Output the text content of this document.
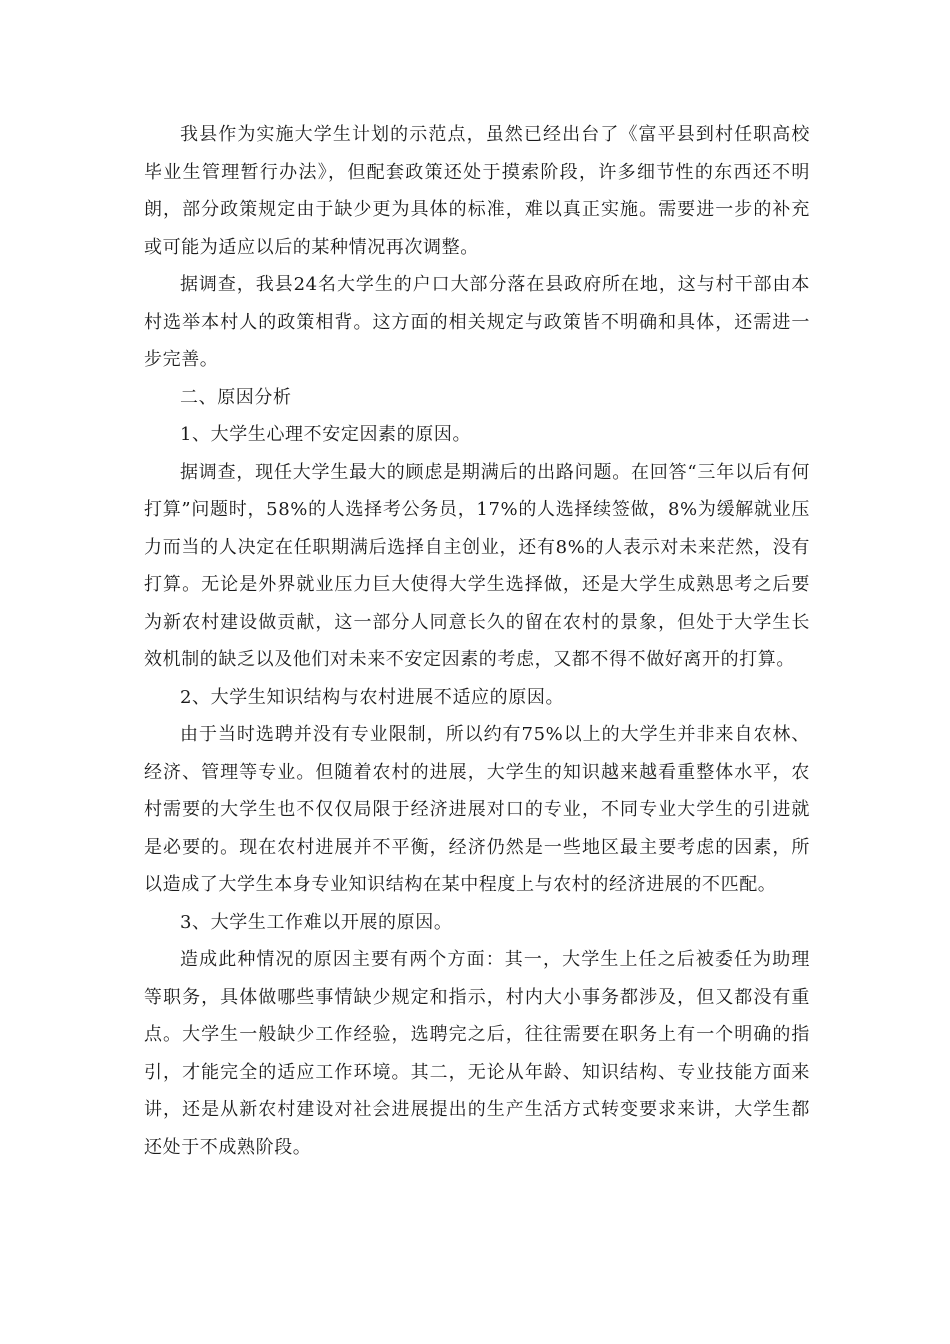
我县作为实施大学生计划的示范点，虽然已经出台了《富平县到村任职高校毕业生管理暂行办法》，但配套政策还处于摸索阶段，许多细节性的东西还不明朗，部分政策规定由于缺少更为具体的标准，难以真正实施。需要进一步的补充或可能为适应以后的某种情况再次调整。

据调查，我县24名大学生的户口大部分落在县政府所在地，这与村干部由本村选举本村人的政策相背。这方面的相关规定与政策皆不明确和具体，还需进一步完善。

二、原因分析

1、大学生心理不安定因素的原因。

据调查，现任大学生最大的顾虑是期满后的出路问题。在回答“三年以后有何打算”问题时，58%的人选择考公务员，17%的人选择续签做，8%为缓解就业压力而当的人决定在任职期满后选择自主创业，还有8%的人表示对未来茫然，没有打算。无论是外界就业压力巨大使得大学生选择做，还是大学生成熟思考之后要为新农村建设做贡献，这一部分人同意长久的留在农村的景象，但处于大学生长效机制的缺乏以及他们对未来不安定因素的考虑，又都不得不做好离开的打算。

2、大学生知识结构与农村进展不适应的原因。

由于当时选聘并没有专业限制，所以约有75%以上的大学生并非来自农林、经济、管理等专业。但随着农村的进展，大学生的知识越来越看重整体水平，农村需要的大学生也不仅仅局限于经济进展对口的专业，不同专业大学生的引进就是必要的。现在农村进展并不平衡，经济仍然是一些地区最主要考虑的因素，所以造成了大学生本身专业知识结构在某中程度上与农村的经济进展的不匹配。

3、大学生工作难以开展的原因。

造成此种情况的原因主要有两个方面：其一，大学生上任之后被委任为助理等职务，具体做哪些事情缺少规定和指示，村内大小事务都涉及，但又都没有重点。大学生一般缺少工作经验，选聘完之后，往往需要在职务上有一个明确的指引，才能完全的适应工作环境。其二，无论从年龄、知识结构、专业技能方面来讲，还是从新农村建设对社会进展提出的生产生活方式转变要求来讲，大学生都还处于不成熟阶段。
